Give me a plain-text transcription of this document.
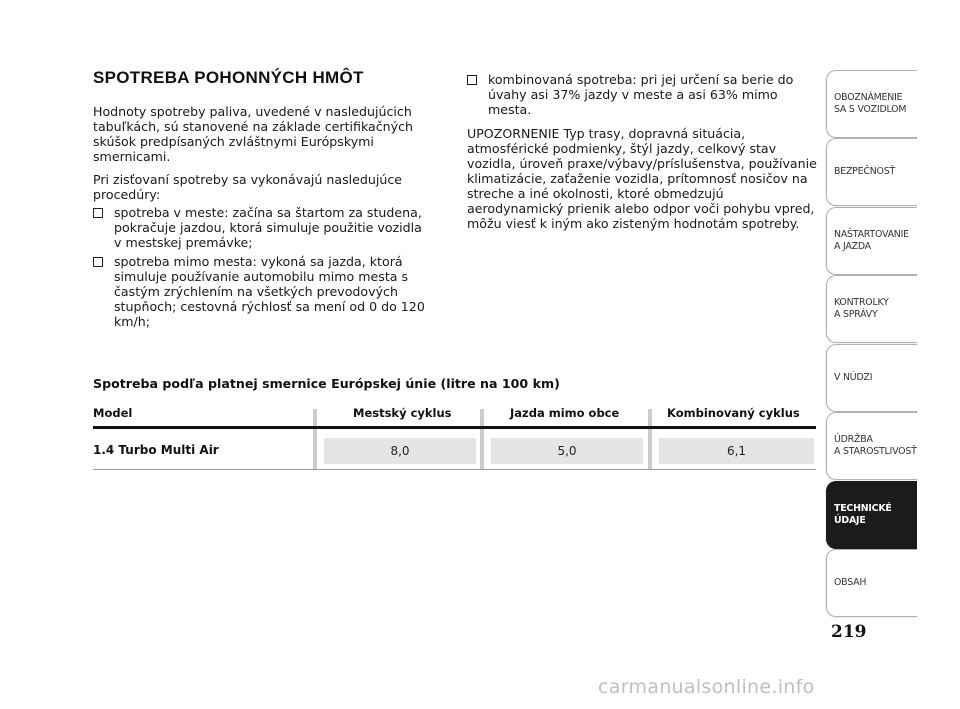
SPOTREBA POHONNÝCH HMÔT

Hodnoty spotreby paliva, uvedené v nasledujúcich tabuľkách, sú stanovené na základe certifikačných skúšok predpísaných zvláštnymi Európskymi smernicami.

Pri zisťovaní spotreby sa vykonávajú nasledujúce procedúry:

spotreba v meste: začína sa štartom za studena, pokračuje jazdou, ktorá simuluje použitie vozidla v mestskej premávke;
spotreba mimo mesta: vykoná sa jazda, ktorá simuluje používanie automobilu mimo mesta s častým zrýchlením na všetkých prevodových stupňoch; cestovná rýchlosť sa mení od 0 do 120 km/h;
kombinovaná spotreba: pri jej určení sa berie do úvahy asi 37% jazdy v meste a asi 63% mimo mesta.

UPOZORNENIE Typ trasy, dopravná situácia, atmosférické podmienky, štýl jazdy, celkový stav vozidla, úroveň praxe/výbavy/príslušenstva, používanie klimatizácie, zaťaženie vozidla, prítomnosť nosičov na streche a iné okolnosti, ktoré obmedzujú aerodynamický prienik alebo odpor voči pohybu vpred, môžu viesť k iným ako zisteným hodnotám spotreby.

Spotreba podľa platnej smernice Európskej únie (litre na 100 km)
Model	Mestský cyklus	Jazda mimo obce	Kombinovaný cyklus
1.4 Turbo Multi Air	8,0	5,0	6,1
OBOZNÁMENIE
SA S VOZIDLOM
BEZPEČNOSŤ
NAŠTARTOVANIE
A JAZDA
KONTROLKY
A SPRÁVY
V NÚDZI
ÚDRŽBA
A STAROSTLIVOSŤ
TECHNICKÉ
ÚDAJE
OBSAH
219
carmanualsonline.info
